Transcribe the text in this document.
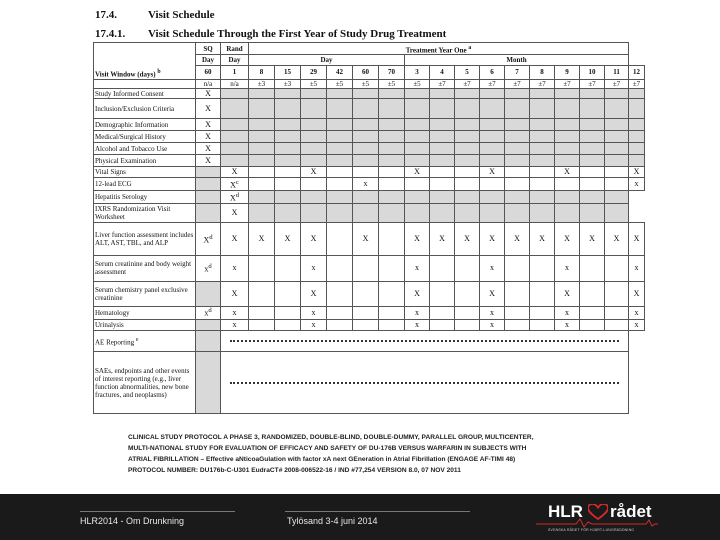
17.4.	Visit Schedule
17.4.1. Visit Schedule Through the First Year of Study Drug Treatment
Visit Window (days) $^b$	SQ	Rand	Treatment Year One $^a$
	Day	Day	Day						Month									
	60	1	8	15	29	42	60	70	3	4	5	6	7	8	9	10	11	12
	n/a	n/a	±3	±3	±5	±5	±5	±5	±5	±7	±7	±7	±7	±7	±7	±7	±7	±7
Study Informed Consent	X																	
Inclusion/Exclusion Criteria	X																	
Demographic Information	X																	
Medical/Surgical History	X																	
Alcohol and Tobacco Use	X																	
Physical Examination	X																	
Vital Signs		X			X				X			X			X			X
12-lead ECG		$X^c$					x											x
Hepatitis Serology		$X^d$															
IXRS Randomization Visit Worksheet		X																
Liver function assessment includes ALT, AST, TBL, and ALP	$X^d$	X	X	X	X		X		X	X	X	X	X	X	X	X	X	X
Serum creatinine and body weight assessment	$x^d$	x			x				x			x			x			x
Serum chemistry panel exclusive creatinine		X			X				X			X			X			X
Hematology	$x^d$	x			x				x			x			x			x
Urinalysis		x			x				x			x			x			x
AE Reporting $^e$		

SAEs, endpoints and other events of interest reporting (e.g., liver function abnormalities, new bone fractures, and neoplasms)																		
CLINICAL STUDY PROTOCOL A PHASE 3, RANDOMIZED, DOUBLE-BLIND, DOUBLE-DUMMY, PARALLEL GROUP, MULTICENTER,
MULTI-NATIONAL STUDY FOR EVALUATION OF EFFICACY AND SAFETY OF DU-176B VERSUS WARFARIN IN SUBJECTS WITH
ATRIAL FIBRILLATION – Effective aNticoaGulation with factor xA next GEneration in Atrial Fibrillation (ENGAGE AF-TIMI 48)
PROTOCOL NUMBER: DU176b-C-U301 EudraCT# 2008-006522-16 / IND #77,254 VERSION 8.0, 07 NOV 2011
HLR2014 - Om Drunkning	Tylösand 3-4 juni 2014	HLR rådet
SVENSKA RÅDET FÖR HJÄRT-LUNGRÄDDNING
